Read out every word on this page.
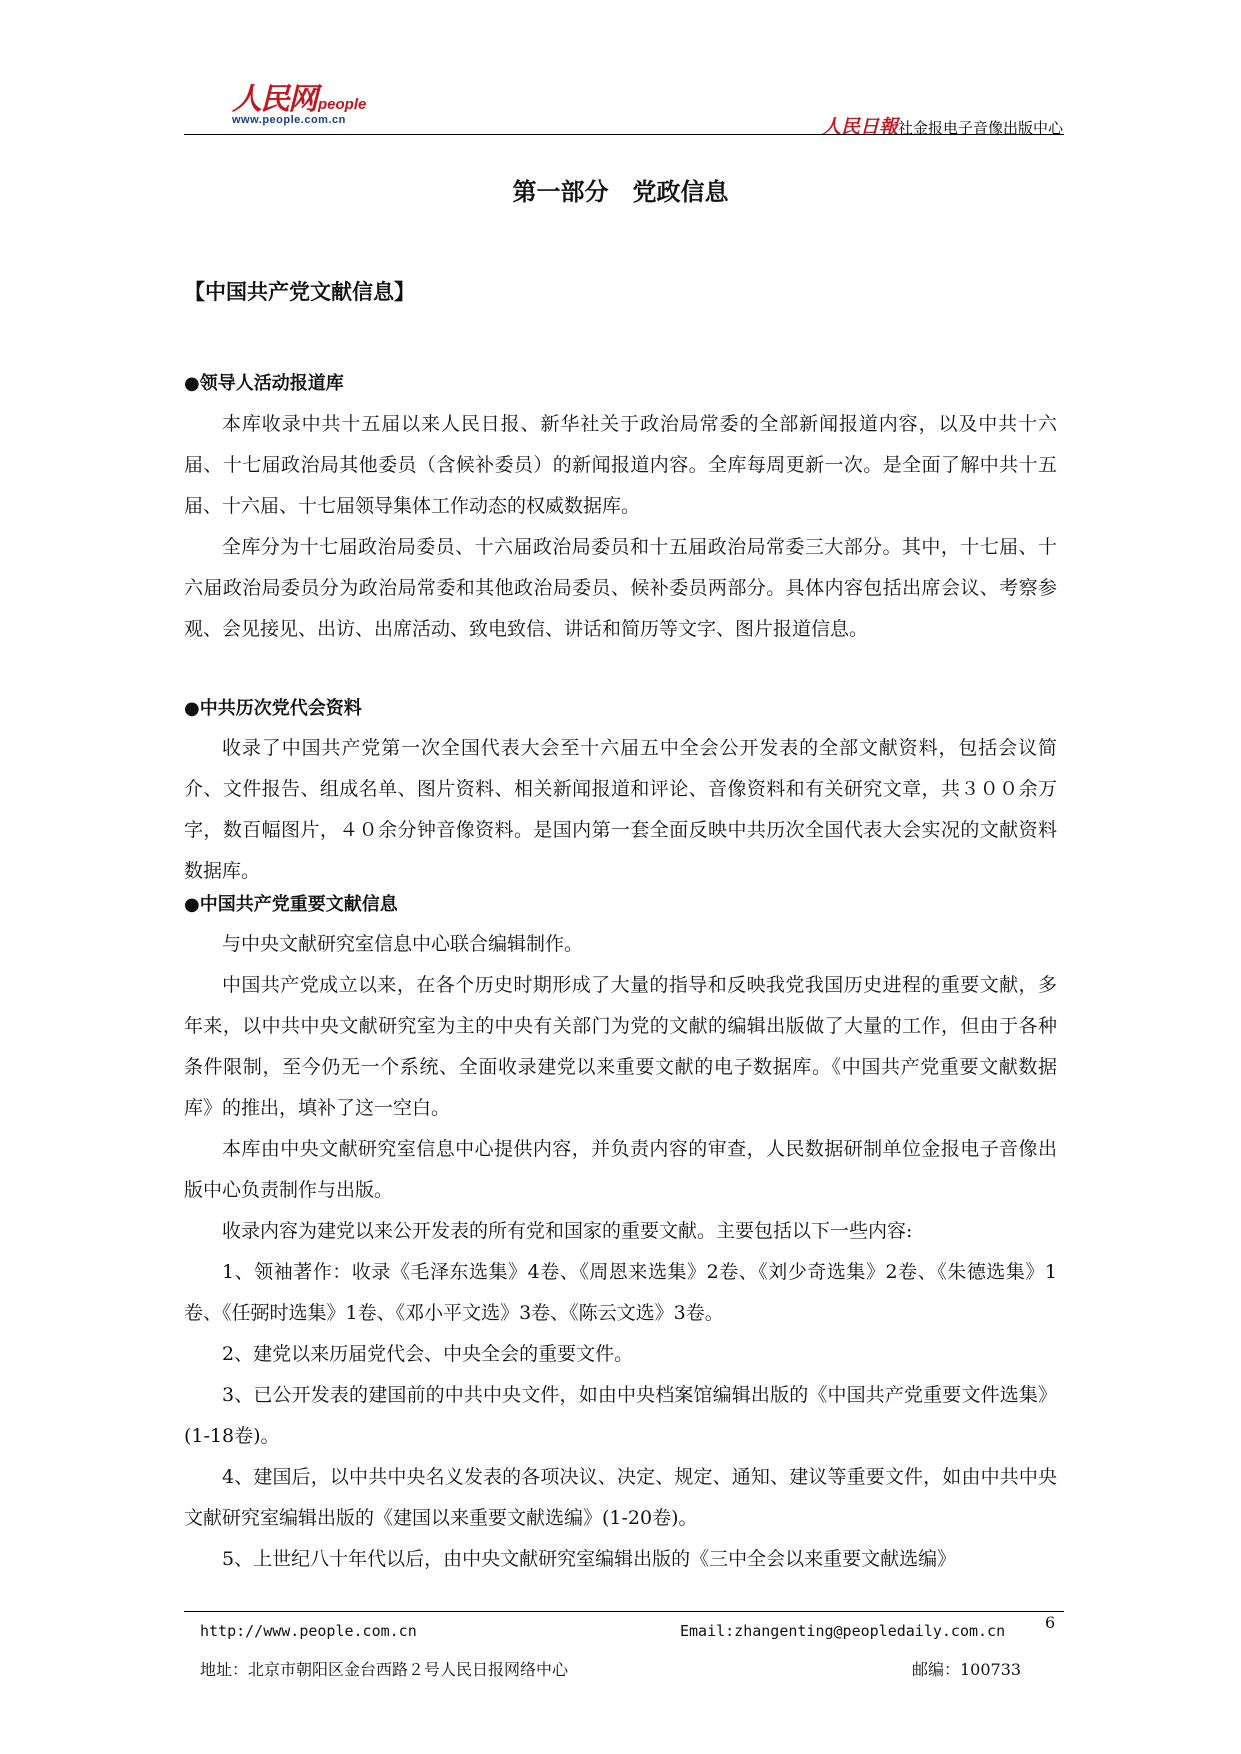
人民网 people
www.people.com.cn	人民日報社金报电子音像出版中心
第一部分　党政信息
【中国共产党文献信息】
●领导人活动报道库

本库收录中共十五届以来人民日报、新华社关于政治局常委的全部新闻报道内容，以及中共十六届、十七届政治局其他委员（含候补委员）的新闻报道内容。全库每周更新一次。是全面了解中共十五届、十六届、十七届领导集体工作动态的权威数据库。

全库分为十七届政治局委员、十六届政治局委员和十五届政治局常委三大部分。其中，十七届、十六届政治局委员分为政治局常委和其他政治局委员、候补委员两部分。具体内容包括出席会议、考察参观、会见接见、出访、出席活动、致电致信、讲话和简历等文字、图片报道信息。

●中共历次党代会资料

收录了中国共产党第一次全国代表大会至十六届五中全会公开发表的全部文献资料，包括会议简介、文件报告、组成名单、图片资料、相关新闻报道和评论、音像资料和有关研究文章，共３００余万字，数百幅图片，４０余分钟音像资料。是国内第一套全面反映中共历次全国代表大会实况的文献资料数据库。

●中国共产党重要文献信息

与中央文献研究室信息中心联合编辑制作。

中国共产党成立以来，在各个历史时期形成了大量的指导和反映我党我国历史进程的重要文献，多年来，以中共中央文献研究室为主的中央有关部门为党的文献的编辑出版做了大量的工作，但由于各种条件限制，至今仍无一个系统、全面收录建党以来重要文献的电子数据库。《中国共产党重要文献数据库》的推出，填补了这一空白。

本库由中央文献研究室信息中心提供内容，并负责内容的审查，人民数据研制单位金报电子音像出版中心负责制作与出版。

收录内容为建党以来公开发表的所有党和国家的重要文献。主要包括以下一些内容:

1、领袖著作：收录《毛泽东选集》4卷、《周恩来选集》2卷、《刘少奇选集》2卷、《朱德选集》1卷、《任弼时选集》1卷、《邓小平文选》3卷、《陈云文选》3卷。

2、建党以来历届党代会、中央全会的重要文件。

3、已公开发表的建国前的中共中央文件，如由中央档案馆编辑出版的《中国共产党重要文件选集》(1-18卷)。

4、建国后，以中共中央名义发表的各项决议、决定、规定、通知、建议等重要文件，如由中共中央文献研究室编辑出版的《建国以来重要文献选编》(1-20卷)。

5、上世纪八十年代以后，由中央文献研究室编辑出版的《三中全会以来重要文献选编》

http://www.people.com.cn	Email:zhangenting@peopledaily.com.cn 6
地址：北京市朝阳区金台西路２号人民日报网络中心	邮编：100733
